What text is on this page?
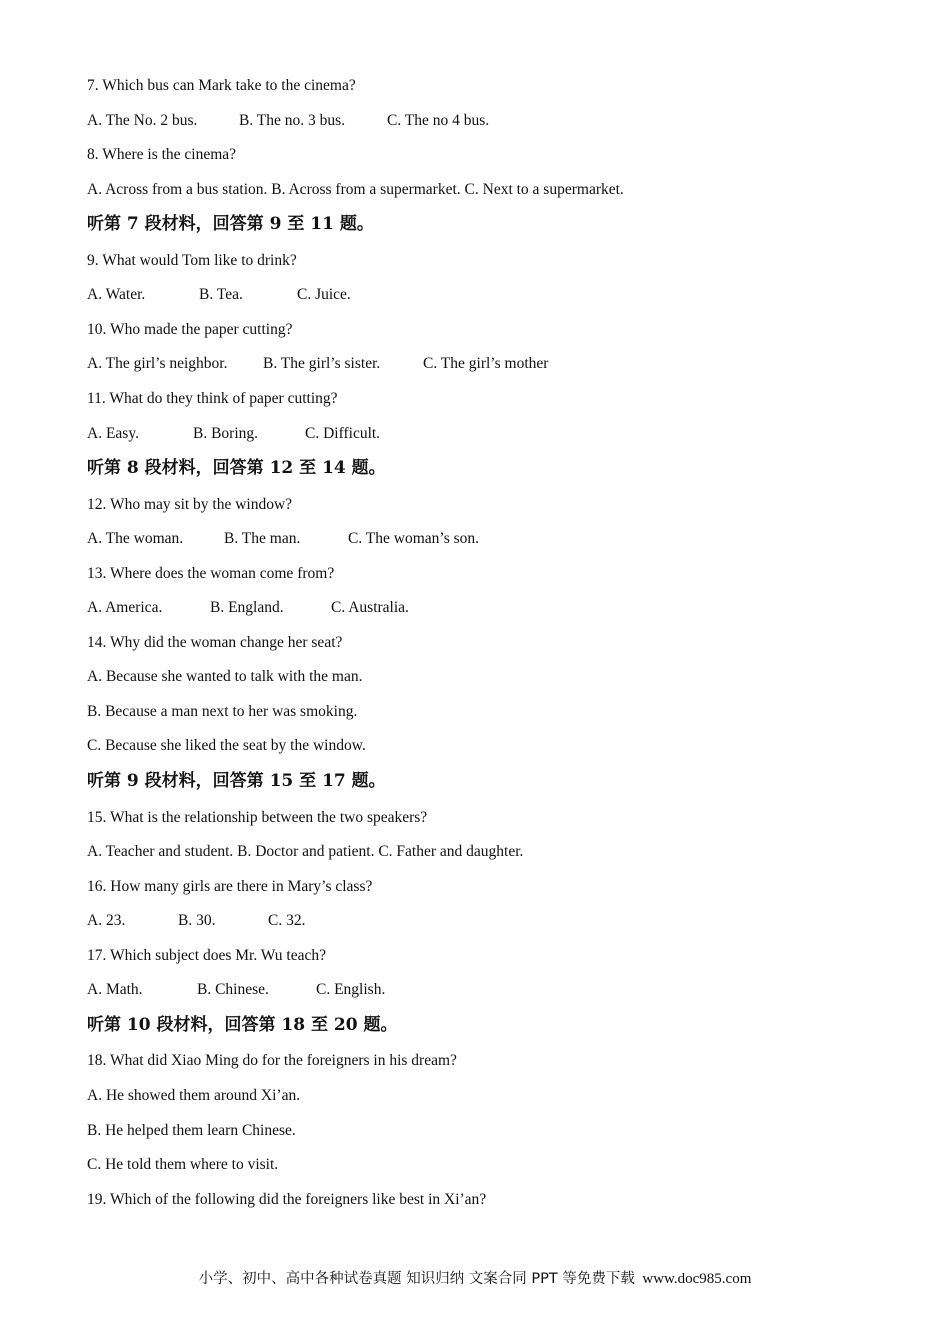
7. Which bus can Mark take to the cinema?
A. The No. 2 bus.	B. The no. 3 bus.	C. The no 4 bus.
8. Where is the cinema?
A. Across from a bus station. B. Across from a supermarket. C. Next to a supermarket.
听第 7 段材料，回答第 9 至 11 题。
9. What would Tom like to drink?
A. Water.	B. Tea.	C. Juice.
10. Who made the paper cutting?
A. The girl’s neighbor. B. The girl’s sister.	C. The girl’s mother
11. What do they think of paper cutting?
A. Easy.	B. Boring.	C. Difficult.
听第 8 段材料，回答第 12 至 14 题。
12. Who may sit by the window?
A. The woman.	B. The man.	C. The woman’s son.
13. Where does the woman come from?
A. America.	B. England.	C. Australia.
14. Why did the woman change her seat?
A. Because she wanted to talk with the man.
B. Because a man next to her was smoking.
C. Because she liked the seat by the window.
听第 9 段材料，回答第 15 至 17 题。
15. What is the relationship between the two speakers?
A. Teacher and student. B. Doctor and patient. C. Father and daughter.
16. How many girls are there in Mary’s class?
A. 23.	B. 30.	C. 32.
17. Which subject does Mr. Wu teach?
A. Math.	B. Chinese.	C. English.
听第 10 段材料，回答第 18 至 20 题。
18. What did Xiao Ming do for the foreigners in his dream?
A. He showed them around Xi’an.
B. He helped them learn Chinese.
C. He told them where to visit.
19. Which of the following did the foreigners like best in Xi’an?
小学、初中、高中各种试卷真题 知识归纳 文案合同 PPT 等免费下载 www.doc985.com
